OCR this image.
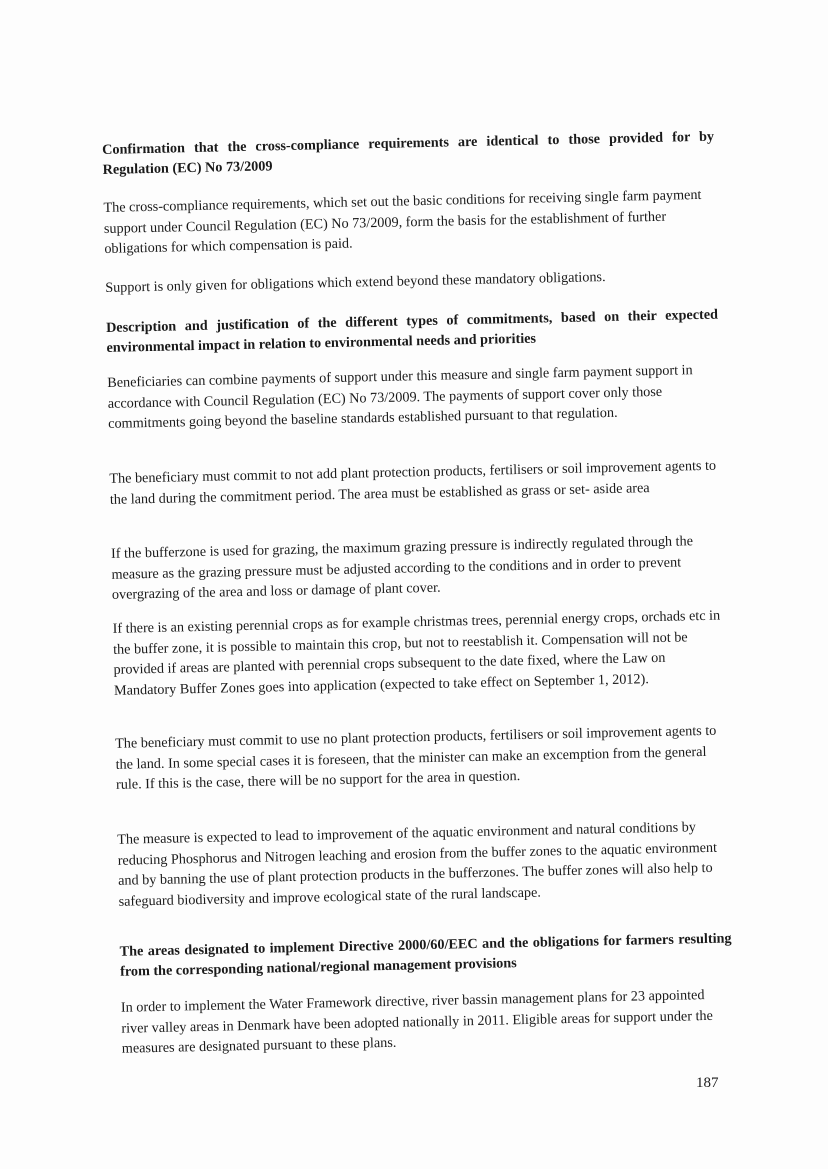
Confirmation that the cross-compliance requirements are identical to those provided for by Regulation (EC) No 73/2009

The cross-compliance requirements, which set out the basic conditions for receiving single farm payment support under Council Regulation (EC) No 73/2009, form the basis for the establishment of further obligations for which compensation is paid.

Support is only given for obligations which extend beyond these mandatory obligations.

Description and justification of the different types of commitments, based on their expected environmental impact in relation to environmental needs and priorities

Beneficiaries can combine payments of support under this measure and single farm payment support in accordance with Council Regulation (EC) No 73/2009. The payments of support cover only those commitments going beyond the baseline standards established pursuant to that regulation.

The beneficiary must commit to not add plant protection products, fertilisers or soil improvement agents to the land during the commitment period. The area must be established as grass or set- aside area

If the bufferzone is used for grazing, the maximum grazing pressure is indirectly regulated through the measure as the grazing pressure must be adjusted according to the conditions and in order to prevent overgrazing of the area and loss or damage of plant cover.

If there is an existing perennial crops as for example christmas trees, perennial energy crops, orchads etc in the buffer zone, it is possible to maintain this crop, but not to reestablish it. Compensation will not be provided if areas are planted with perennial crops subsequent to the date fixed, where the Law on Mandatory Buffer Zones goes into application (expected to take effect on September 1, 2012).

The beneficiary must commit to use no plant protection products, fertilisers or soil improvement agents to the land. In some special cases it is foreseen, that the minister can make an excemption from the general rule. If this is the case, there will be no support for the area in question.

The measure is expected to lead to improvement of the aquatic environment and natural conditions by reducing Phosphorus and Nitrogen leaching and erosion from the buffer zones to the aquatic environment and by banning the use of plant protection products in the bufferzones. The buffer zones will also help to safeguard biodiversity and improve ecological state of the rural landscape.

The areas designated to implement Directive 2000/60/EEC and the obligations for farmers resulting from the corresponding national/regional management provisions

In order to implement the Water Framework directive, river bassin management plans for 23 appointed river valley areas in Denmark have been adopted nationally in 2011. Eligible areas for support under the measures are designated pursuant to these plans.

187
